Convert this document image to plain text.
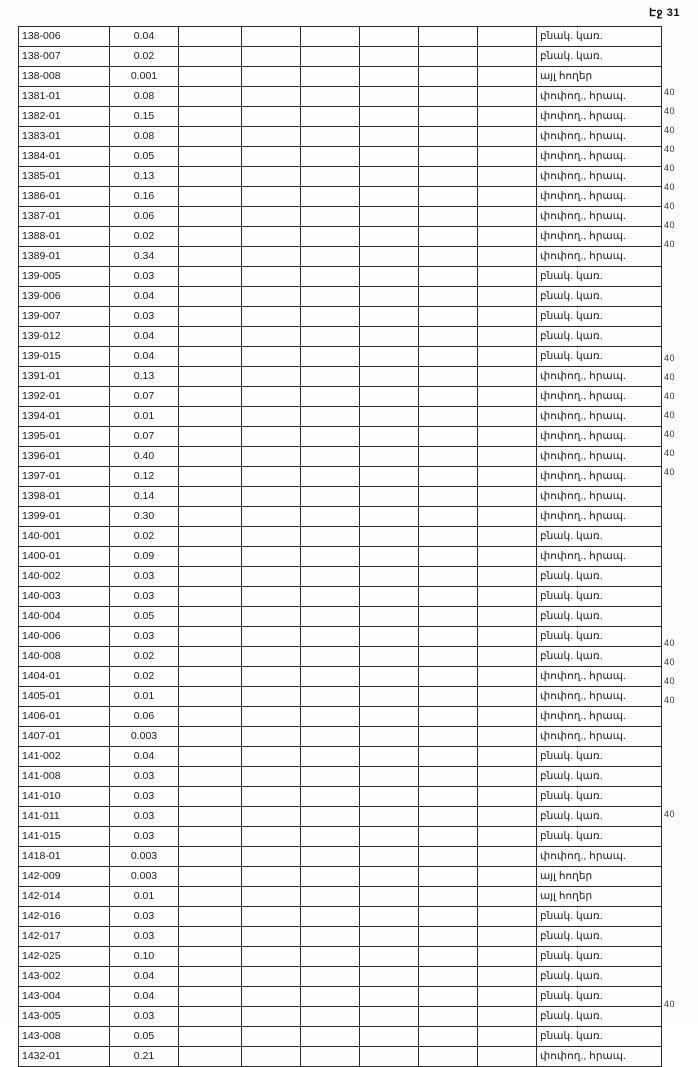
Էջ 31
138-006	0.04							բնակ. կառ.
138-007	0.02							բնակ. կառ.
138-008	0.001							այլ հողեր
1381-01	0.08							փոփող., հրապ.
1382-01	0.15							փոփող., հրապ.
1383-01	0.08							փոփող., հրապ.
1384-01	0.05							փոփող., հրապ.
1385-01	0.13							փոփող., հրապ.
1386-01	0.16							փոփող., հրապ.
1387-01	0.06							փոփող., հրապ.
1388-01	0.02							փոփող., հրապ.
1389-01	0.34							փոփող., հրապ.
139-005	0.03							բնակ. կառ.
139-006	0.04							բնակ. կառ.
139-007	0.03							բնակ. կառ.
139-012	0.04							բնակ. կառ.
139-015	0.04							բնակ. կառ.
1391-01	0.13							փոփող., հրապ.
1392-01	0.07							փոփող., հրապ.
1394-01	0.01							փոփող., հրապ.
1395-01	0.07							փոփող., հրապ.
1396-01	0.40							փոփող., հրապ.
1397-01	0.12							փոփող., հրապ.
1398-01	0.14							փոփող., հրապ.
1399-01	0.30							փոփող., հրապ.
140-001	0.02							բնակ. կառ.
1400-01	0.09							փոփող., հրապ.
140-002	0.03							բնակ. կառ.
140-003	0.03							բնակ. կառ.
140-004	0.05							բնակ. կառ.
140-006	0.03							բնակ. կառ.
140-008	0.02							բնակ. կառ.
1404-01	0.02							փոփող., հրապ.
1405-01	0.01							փոփող., հրապ.
1406-01	0.06							փոփող., հրապ.
1407-01	0.003							փոփող., հրապ.
141-002	0.04							բնակ. կառ.
141-008	0.03							բնակ. կառ.
141-010	0.03							բնակ. կառ.
141-011	0.03							բնակ. կառ.
141-015	0.03							բնակ. կառ.
1418-01	0.003							փոփող., հրապ.
142-009	0.003							այլ հողեր
142-014	0.01							այլ հողեր
142-016	0.03							բնակ. կառ.
142-017	0.03							բնակ. կառ.
142-025	0.10							բնակ. կառ.
143-002	0.04							բնակ. կառ.
143-004	0.04							բնակ. կառ.
143-005	0.03							բնակ. կառ.
143-008	0.05							բնակ. կառ.
1432-01	0.21							փոփող., հրապ.
40
40
40
40
40
40
40
40
40
40
40
40
40
40
40
40
40
40
40
40
40
40
